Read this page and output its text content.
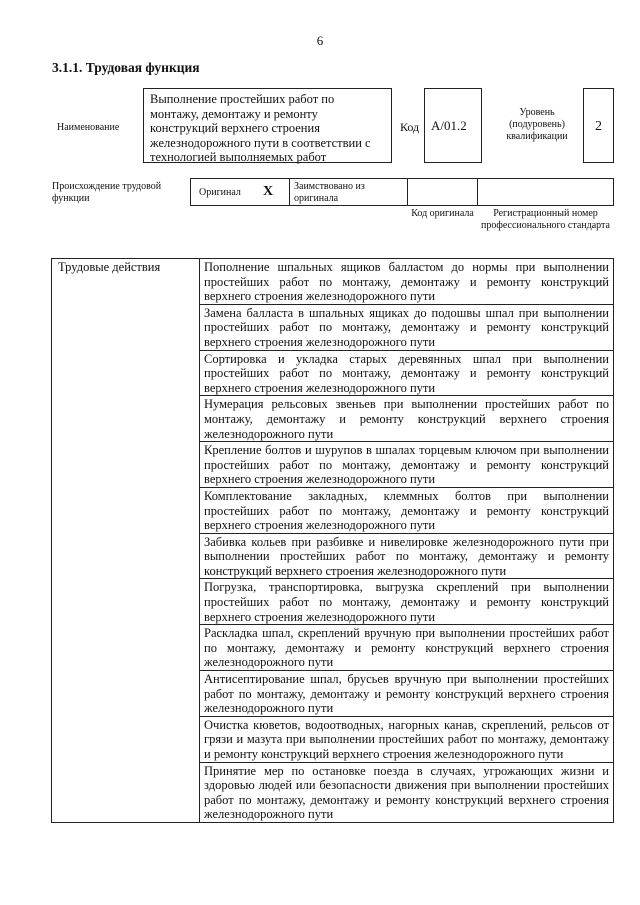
6
3.1.1. Трудовая функция
Наименование
Выполнение простейших работ по монтажу, демонтажу и ремонту конструкций верхнего строения железнодорожного пути в соответствии с технологией выполняемых работ
Код А/01.2
Уровень (подуровень) квалификации
2
Происхождение трудовой функции
Оригинал X Заимствовано из оригинала
Код оригинала	Регистрационный номер профессионального стандарта
Трудовые действия	Пополнение шпальных ящиков балластом до нормы при выполнении простейших работ по монтажу, демонтажу и ремонту конструкций верхнего строения железнодорожного пути
Замена балласта в шпальных ящиках до подошвы шпал при выполнении простейших работ по монтажу, демонтажу и ремонту конструкций верхнего строения железнодорожного пути
Сортировка и укладка старых деревянных шпал при выполнении простейших работ по монтажу, демонтажу и ремонту конструкций верхнего строения железнодорожного пути
Нумерация рельсовых звеньев при выполнении простейших работ по монтажу, демонтажу и ремонту конструкций верхнего строения железнодорожного пути
Крепление болтов и шурупов в шпалах торцевым ключом при выполнении простейших работ по монтажу, демонтажу и ремонту конструкций верхнего строения железнодорожного пути
Комплектование закладных, клеммных болтов при выполнении простейших работ по монтажу, демонтажу и ремонту конструкций верхнего строения железнодорожного пути
Забивка кольев при разбивке и нивелировке железнодорожного пути при выполнении простейших работ по монтажу, демонтажу и ремонту конструкций верхнего строения железнодорожного пути
Погрузка, транспортировка, выгрузка скреплений при выполнении простейших работ по монтажу, демонтажу и ремонту конструкций верхнего строения железнодорожного пути
Раскладка шпал, скреплений вручную при выполнении простейших работ по монтажу, демонтажу и ремонту конструкций верхнего строения железнодорожного пути
Антисептирование шпал, брусьев вручную при выполнении простейших работ по монтажу, демонтажу и ремонту конструкций верхнего строения железнодорожного пути
Очистка кюветов, водоотводных, нагорных канав, скреплений, рельсов от грязи и мазута при выполнении простейших работ по монтажу, демонтажу и ремонту конструкций верхнего строения железнодорожного пути
Принятие мер по остановке поезда в случаях, угрожающих жизни и здоровью людей или безопасности движения при выполнении простейших работ по монтажу, демонтажу и ремонту конструкций верхнего строения железнодорожного пути
